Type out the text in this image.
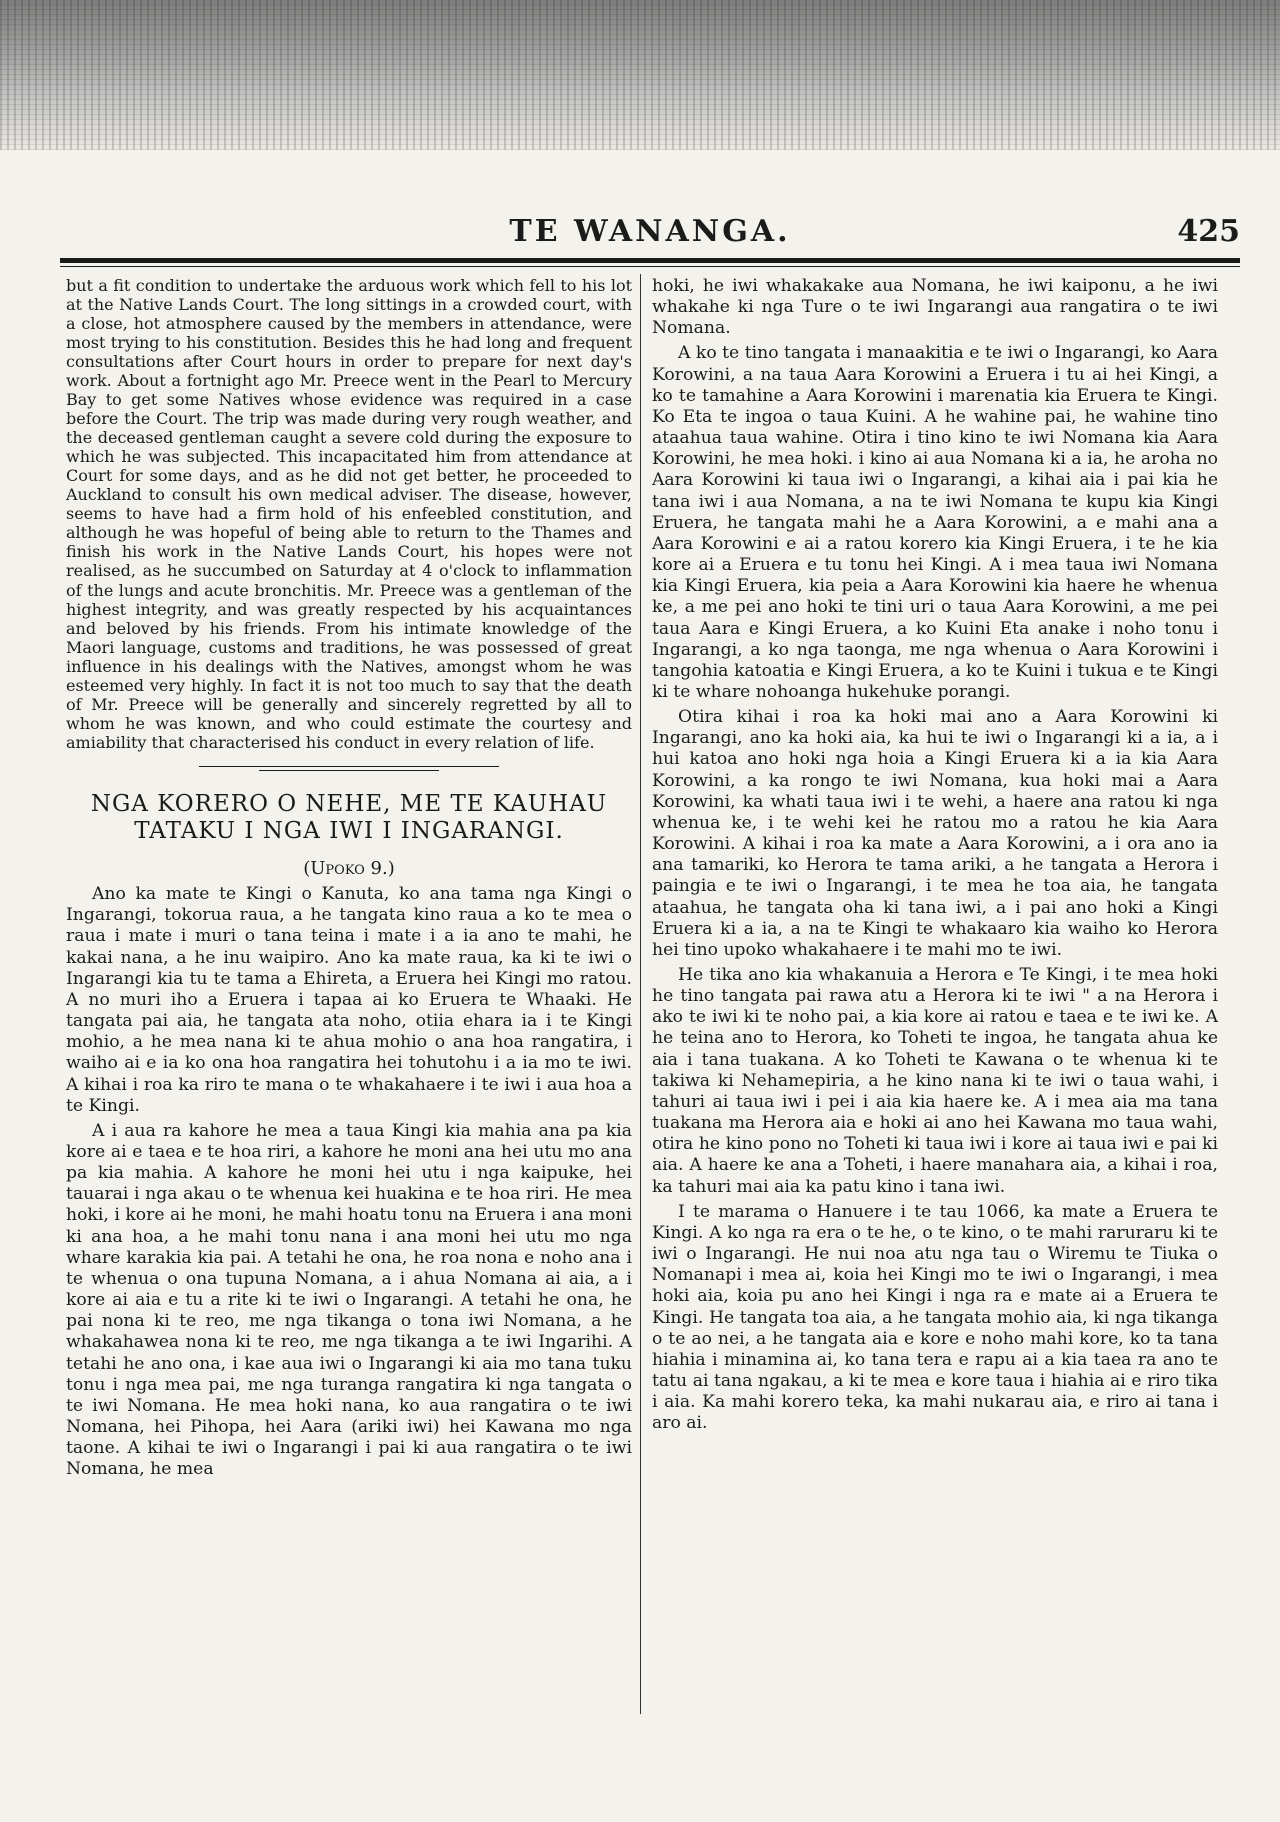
TE WANANGA.	425

but a fit condition to undertake the arduous work which fell to his lot at the Native Lands Court. The long sittings in a crowded court, with a close, hot atmosphere caused by the members in attendance, were most trying to his constitution. Besides this he had long and frequent consultations after Court hours in order to prepare for next day's work. About a fortnight ago Mr. Preece went in the Pearl to Mercury Bay to get some Natives whose evidence was required in a case before the Court. The trip was made during very rough weather, and the deceased gentleman caught a severe cold during the exposure to which he was subjected. This incapacitated him from attendance at Court for some days, and as he did not get better, he proceeded to Auckland to consult his own medical adviser. The disease, however, seems to have had a firm hold of his enfeebled constitution, and although he was hopeful of being able to return to the Thames and finish his work in the Native Lands Court, his hopes were not realised, as he succumbed on Saturday at 4 o'clock to inflammation of the lungs and acute bronchitis. Mr. Preece was a gentleman of the highest integrity, and was greatly respected by his acquaintances and beloved by his friends. From his intimate knowledge of the Maori language, customs and traditions, he was possessed of great influence in his dealings with the Natives, amongst whom he was esteemed very highly. In fact it is not too much to say that the death of Mr. Preece will be generally and sincerely regretted by all to whom he was known, and who could estimate the courtesy and amiability that characterised his conduct in every relation of life.

NGA KORERO O NEHE, ME TE KAUHAU TATAKU I NGA IWI I INGARANGI.
(Upoko 9.)

Ano ka mate te Kingi o Kanuta, ko ana tama nga Kingi o Ingarangi, tokorua raua, a he tangata kino raua a ko te mea o raua i mate i muri o tana teina i mate i a ia ano te mahi, he kakai nana, a he inu waipiro. Ano ka mate raua, ka ki te iwi o Ingarangi kia tu te tama a Ehireta, a Eruera hei Kingi mo ratou. A no muri iho a Eruera i tapaa ai ko Eruera te Whaaki. He tangata pai aia, he tangata ata noho, otiia ehara ia i te Kingi mohio, a he mea nana ki te ahua mohio o ana hoa rangatira, i waiho ai e ia ko ona hoa rangatira hei tohutohu i a ia mo te iwi. A kihai i roa ka riro te mana o te whakahaere i te iwi i aua hoa a te Kingi.

A i aua ra kahore he mea a taua Kingi kia mahia ana pa kia kore ai e taea e te hoa riri, a kahore he moni ana hei utu mo ana pa kia mahia. A kahore he moni hei utu i nga kaipuke, hei tauarai i nga akau o te whenua kei huakina e te hoa riri. He mea hoki, i kore ai he moni, he mahi hoatu tonu na Eruera i ana moni ki ana hoa, a he mahi tonu nana i ana moni hei utu mo nga whare karakia kia pai. A tetahi he ona, he roa nona e noho ana i te whenua o ona tupuna Nomana, a i ahua Nomana ai aia, a i kore ai aia e tu a rite ki te iwi o Ingarangi. A tetahi he ona, he pai nona ki te reo, me nga tikanga o tona iwi Nomana, a he whakahawea nona ki te reo, me nga tikanga a te iwi Ingarihi. A tetahi he ano ona, i kae aua iwi o Ingarangi ki aia mo tana tuku tonu i nga mea pai, me nga turanga rangatira ki nga tangata o te iwi Nomana. He mea hoki nana, ko aua rangatira o te iwi Nomana, hei Pihopa, hei Aara (ariki iwi) hei Kawana mo nga taone. A kihai te iwi o Ingarangi i pai ki aua rangatira o te iwi Nomana, he mea

hoki, he iwi whakakake aua Nomana, he iwi kaiponu, a he iwi whakahe ki nga Ture o te iwi Ingarangi aua rangatira o te iwi Nomana.

A ko te tino tangata i manaakitia e te iwi o Ingarangi, ko Aara Korowini, a na taua Aara Korowini a Eruera i tu ai hei Kingi, a ko te tamahine a Aara Korowini i marenatia kia Eruera te Kingi. Ko Eta te ingoa o taua Kuini. A he wahine pai, he wahine tino ataahua taua wahine. Otira i tino kino te iwi Nomana kia Aara Korowini, he mea hoki. i kino ai aua Nomana ki a ia, he aroha no Aara Korowini ki taua iwi o Ingarangi, a kihai aia i pai kia he tana iwi i aua Nomana, a na te iwi Nomana te kupu kia Kingi Eruera, he tangata mahi he a Aara Korowini, a e mahi ana a Aara Korowini e ai a ratou korero kia Kingi Eruera, i te he kia kore ai a Eruera e tu tonu hei Kingi. A i mea taua iwi Nomana kia Kingi Eruera, kia peia a Aara Korowini kia haere he whenua ke, a me pei ano hoki te tini uri o taua Aara Korowini, a me pei taua Aara e Kingi Eruera, a ko Kuini Eta anake i noho tonu i Ingarangi, a ko nga taonga, me nga whenua o Aara Korowini i tangohia katoatia e Kingi Eruera, a ko te Kuini i tukua e te Kingi ki te whare nohoanga hukehuke porangi.

Otira kihai i roa ka hoki mai ano a Aara Korowini ki Ingarangi, ano ka hoki aia, ka hui te iwi o Ingarangi ki a ia, a i hui katoa ano hoki nga hoia a Kingi Eruera ki a ia kia Aara Korowini, a ka rongo te iwi Nomana, kua hoki mai a Aara Korowini, ka whati taua iwi i te wehi, a haere ana ratou ki nga whenua ke, i te wehi kei he ratou mo a ratou he kia Aara Korowini. A kihai i roa ka mate a Aara Korowini, a i ora ano ia ana tamariki, ko Herora te tama ariki, a he tangata a Herora i paingia e te iwi o Ingarangi, i te mea he toa aia, he tangata ataahua, he tangata oha ki tana iwi, a i pai ano hoki a Kingi Eruera ki a ia, a na te Kingi te whakaaro kia waiho ko Herora hei tino upoko whakahaere i te mahi mo te iwi.

He tika ano kia whakanuia a Herora e Te Kingi, i te mea hoki he tino tangata pai rawa atu a Herora ki te iwi " a na Herora i ako te iwi ki te noho pai, a kia kore ai ratou e taea e te iwi ke. A he teina ano to Herora, ko Toheti te ingoa, he tangata ahua ke aia i tana tuakana. A ko Toheti te Kawana o te whenua ki te takiwa ki Nehamepiria, a he kino nana ki te iwi o taua wahi, i tahuri ai taua iwi i pei i aia kia haere ke. A i mea aia ma tana tuakana ma Herora aia e hoki ai ano hei Kawana mo taua wahi, otira he kino pono no Toheti ki taua iwi i kore ai taua iwi e pai ki aia. A haere ke ana a Toheti, i haere manahara aia, a kihai i roa, ka tahuri mai aia ka patu kino i tana iwi.

I te marama o Hanuere i te tau 1066, ka mate a Eruera te Kingi. A ko nga ra era o te he, o te kino, o te mahi raruraru ki te iwi o Ingarangi. He nui noa atu nga tau o Wiremu te Tiuka o Nomanapi i mea ai, koia hei Kingi mo te iwi o Ingarangi, i mea hoki aia, koia pu ano hei Kingi i nga ra e mate ai a Eruera te Kingi. He tangata toa aia, a he tangata mohio aia, ki nga tikanga o te ao nei, a he tangata aia e kore e noho mahi kore, ko ta tana hiahia i minamina ai, ko tana tera e rapu ai a kia taea ra ano te tatu ai tana ngakau, a ki te mea e kore taua i hiahia ai e riro tika i aia. Ka mahi korero teka, ka mahi nukarau aia, e riro ai tana i aro ai.
